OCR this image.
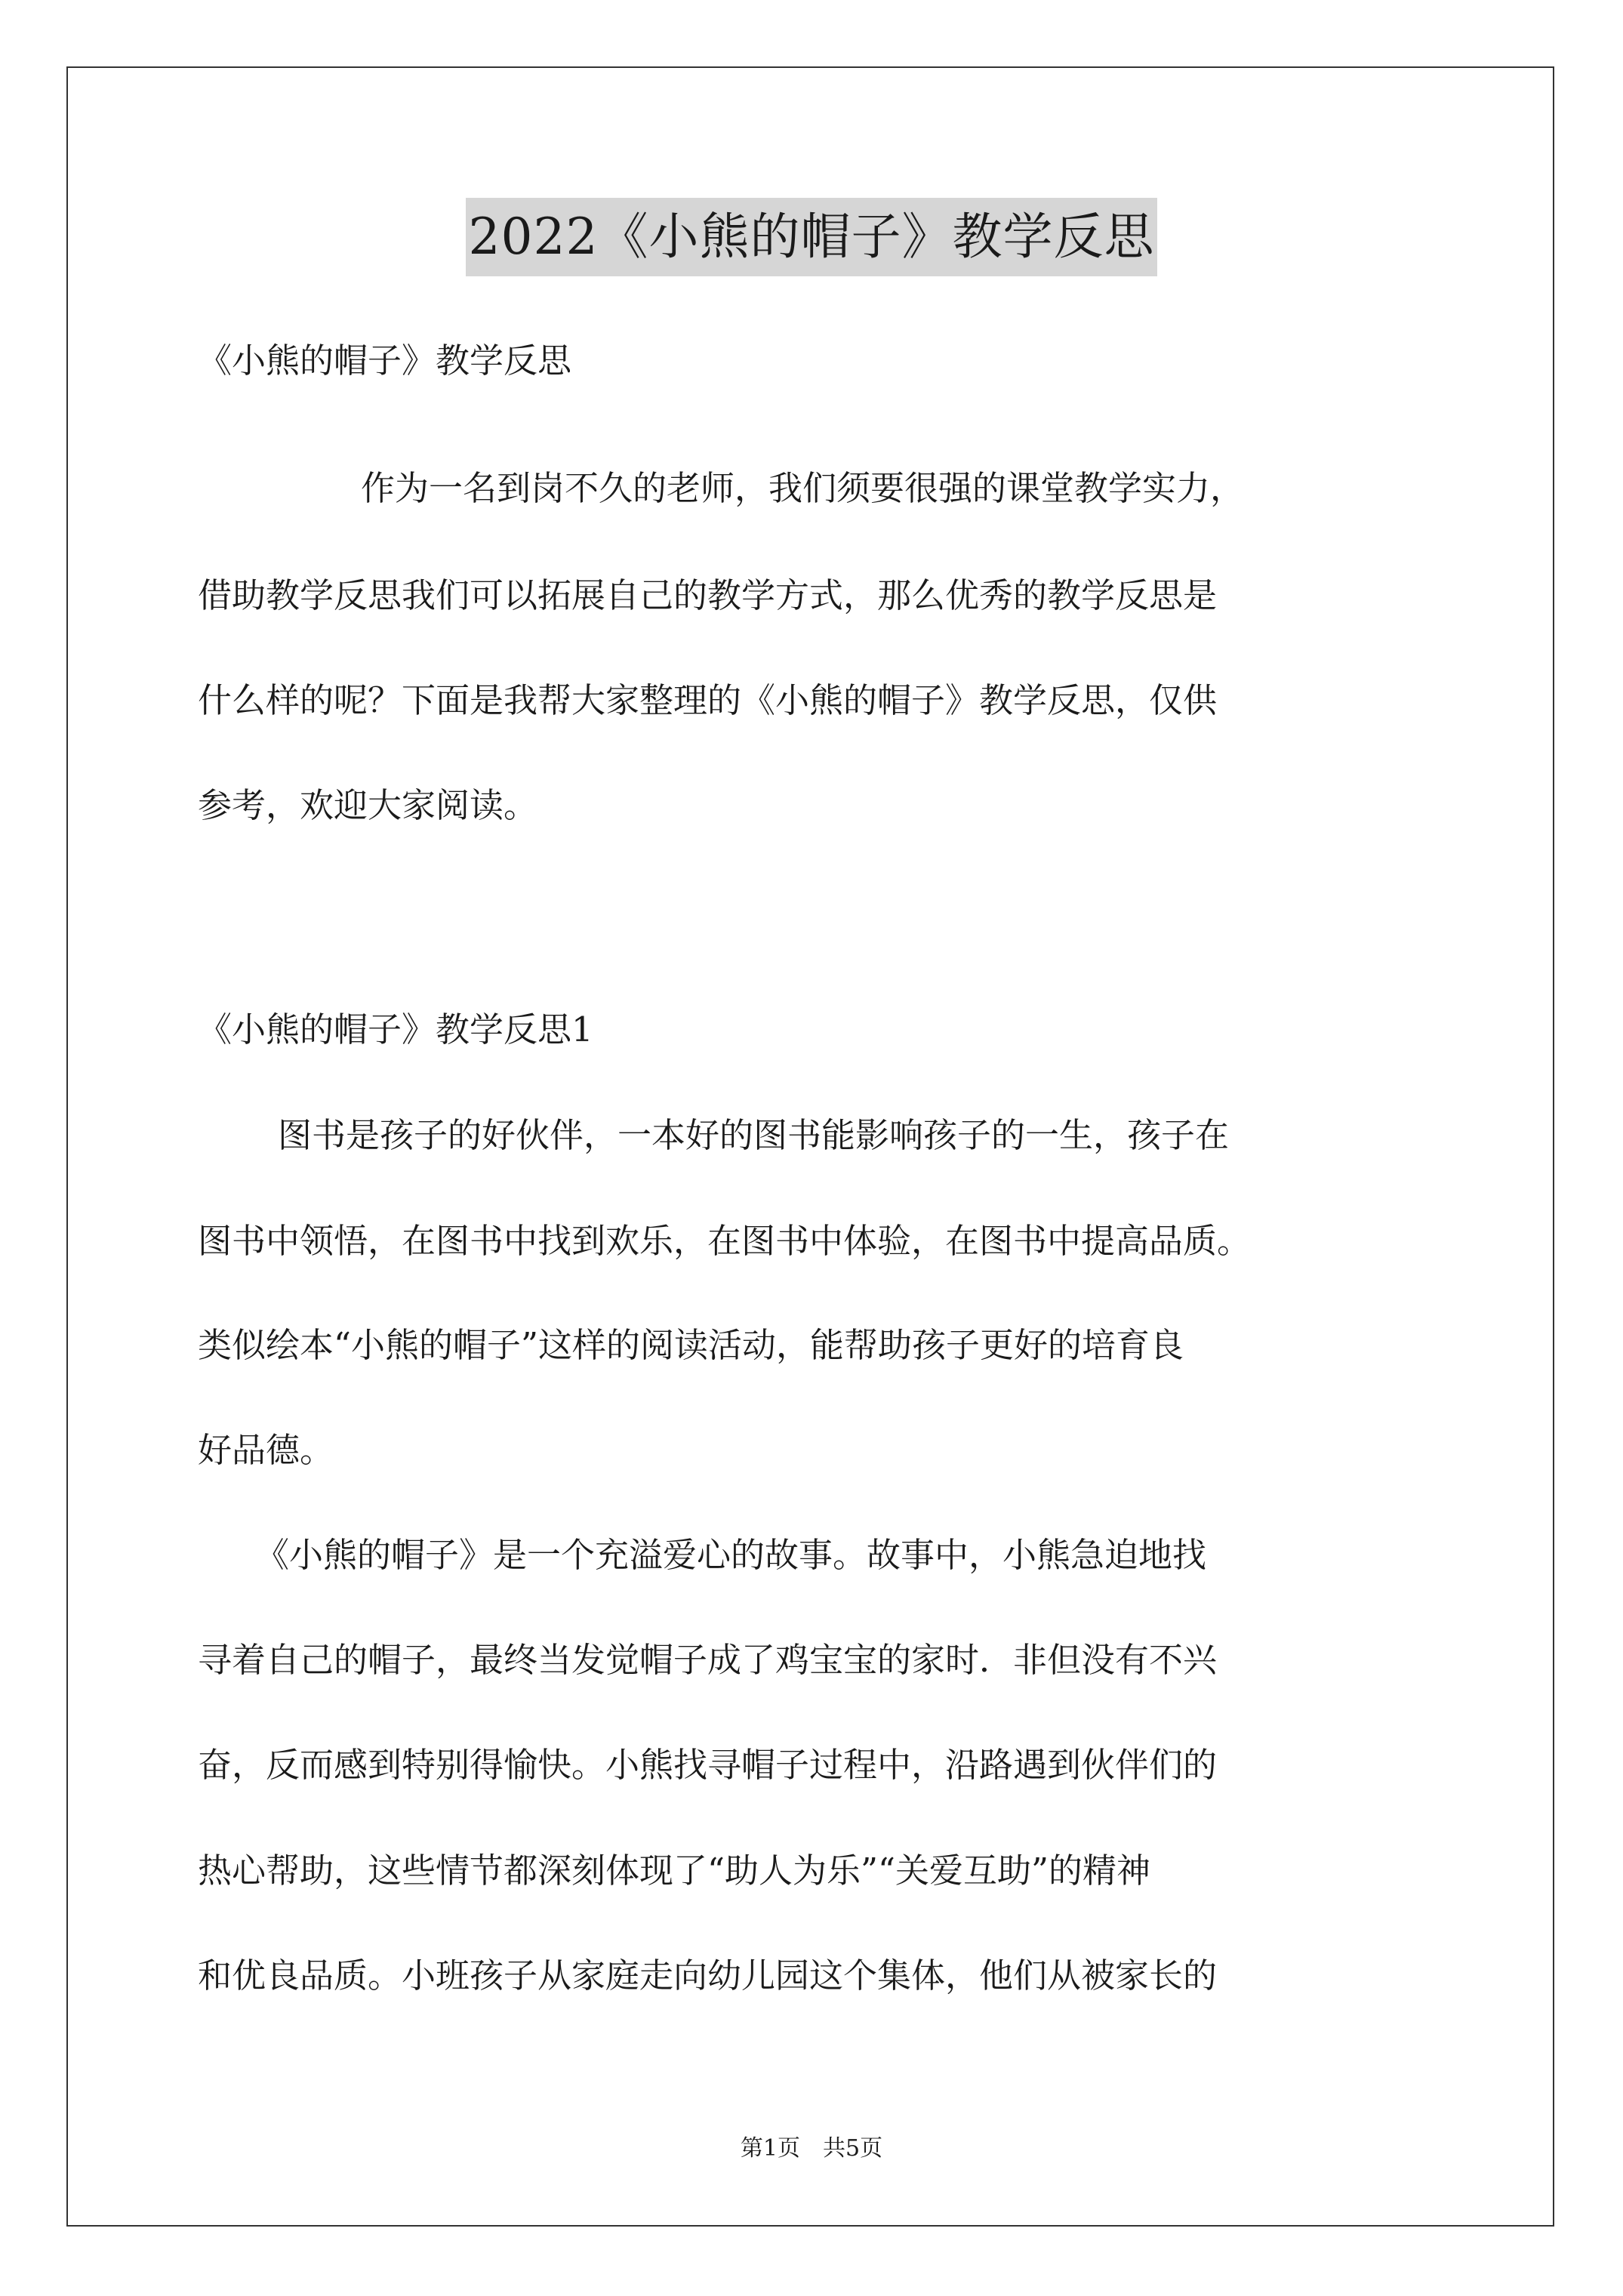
2022《小熊的帽子》教学反思
《小熊的帽子》教学反思
作为一名到岗不久的老师，我们须要很强的课堂教学实力，
借助教学反思我们可以拓展自己的教学方式，那么优秀的教学反思是
什么样的呢？下面是我帮大家整理的《小熊的帽子》教学反思，仅供
参考，欢迎大家阅读。
《小熊的帽子》教学反思1
图书是孩子的好伙伴，一本好的图书能影响孩子的一生，孩子在
图书中领悟，在图书中找到欢乐，在图书中体验，在图书中提高品质。
类似绘本“小熊的帽子”这样的阅读活动，能帮助孩子更好的培育良
好品德。
《小熊的帽子》是一个充溢爱心的故事。故事中，小熊急迫地找
寻着自己的帽子，最终当发觉帽子成了鸡宝宝的家时．非但没有不兴
奋，反而感到特别得愉快。小熊找寻帽子过程中，沿路遇到伙伴们的
热心帮助，这些情节都深刻体现了“助人为乐”“关爱互助”的精神
和优良品质。小班孩子从家庭走向幼儿园这个集体，他们从被家长的
第1页　共5页
